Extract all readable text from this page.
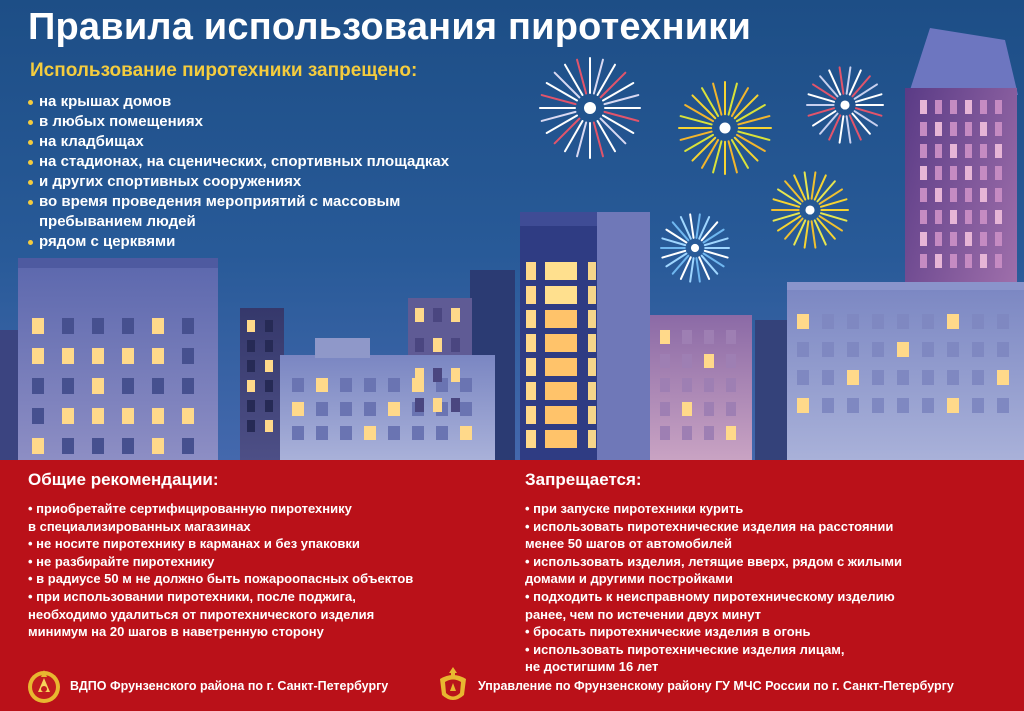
Правила использования пиротехники
Использование пиротехники запрещено:
на крышах домов
в любых помещениях
на кладбищах
на стадионах, на сценических, спортивных площадках
и других спортивных сооружениях
во время проведения мероприятий с массовым пребыванием людей
рядом с церквями
Общие рекомендации:
• приобретайте сертифицированную пиротехнику
в специализированных магазинах
• не носите пиротехнику в карманах и без упаковки
• не разбирайте пиротехнику
• в радиусе 50 м не должно быть пожароопасных объектов
• при использовании пиротехники, после поджига,
необходимо удалиться от пиротехнического изделия
минимум на 20 шагов в наветренную сторону
Запрещается:
• при запуске пиротехники курить
• использовать пиротехнические изделия на расстоянии
менее 50 шагов от автомобилей
• использовать изделия, летящие вверх, рядом с жилыми
домами и другими постройками
• подходить к неисправному пиротехническому изделию
ранее, чем по истечении двух минут
• бросать пиротехнические изделия в огонь
• использовать пиротехнические изделия лицам,
не достигшим 16 лет
ВДПО Фрунзенского района по г. Санкт-Петербургу	Управление по Фрунзенскому району ГУ МЧС России по г. Санкт-Петербургу
